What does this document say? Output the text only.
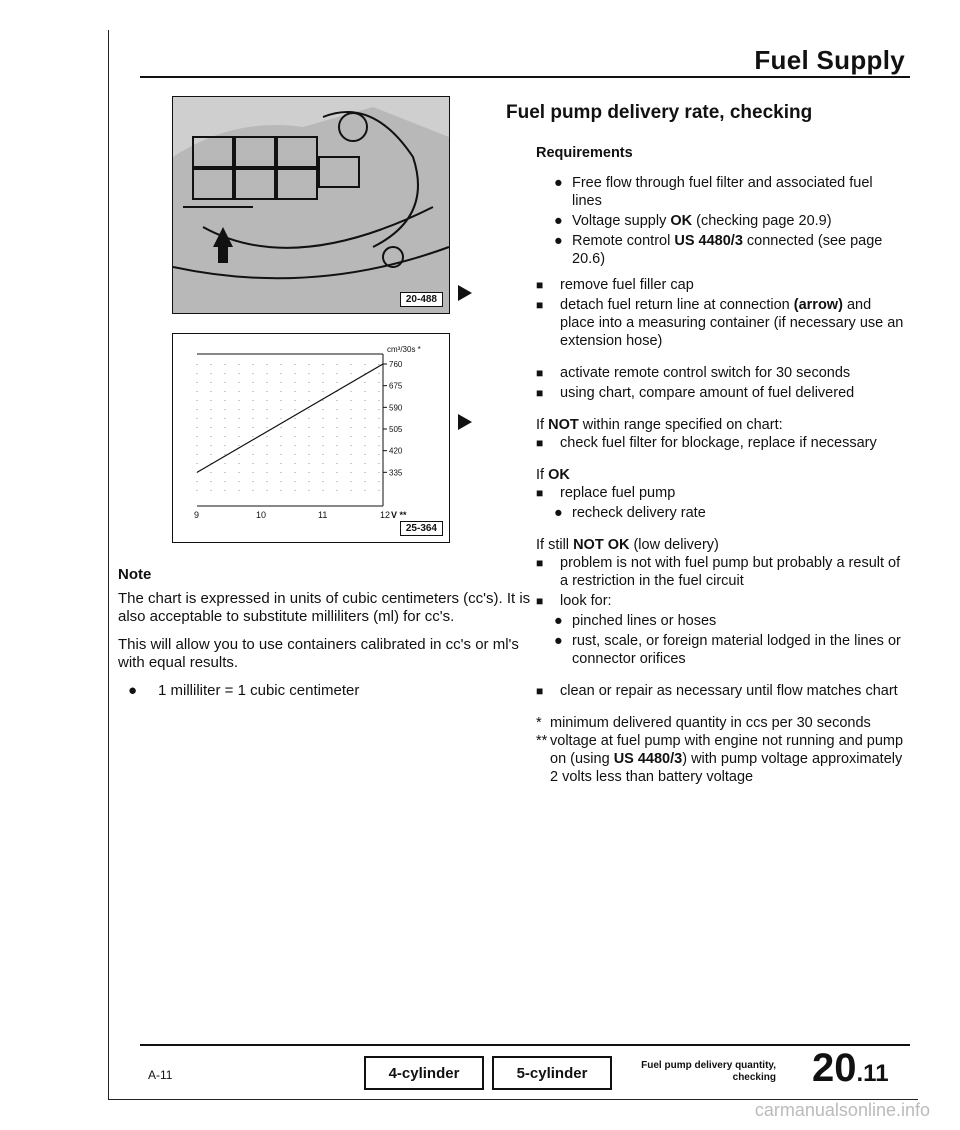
Fuel Supply
20-488
760
675
590
505
420
335
9	10	11	12
cm³/30s *
V **
25-364
Fuel pump delivery rate, checking
Requirements
● Free flow through fuel filter and associated fuel lines
● Voltage supply OK (checking page 20.9)
● Remote control US 4480/3 connected (see page 20.6)
■ remove fuel filler cap
■ detach fuel return line at connection (arrow) and place into a measuring container (if necessary use an extension hose)
■ activate remote control switch for 30 seconds
■ using chart, compare amount of fuel delivered
If NOT within range specified on chart:
■ check fuel filter for blockage, replace if necessary
If OK
■ replace fuel pump
● recheck delivery rate
If still NOT OK (low delivery)
■ problem is not with fuel pump but probably a result of a restriction in the fuel circuit
■ look for:
● pinched lines or hoses
● rust, scale, or foreign material lodged in the lines or connector orifices
■ clean or repair as necessary until flow matches chart
* minimum delivered quantity in ccs per 30 seconds
** voltage at fuel pump with engine not running and pump on (using US 4480/3) with pump voltage approximately 2 volts less than battery voltage
Note
The chart is expressed in units of cubic centimeters (cc's). It is also acceptable to substitute milliliters (ml) for cc's.
This will allow you to use containers calibrated in cc's or ml's with equal results.
● 1 milliliter = 1 cubic centimeter
A-11	4-cylinder	5-cylinder	Fuel pump delivery quantity, checking 20.11
carmanualsonline.info
